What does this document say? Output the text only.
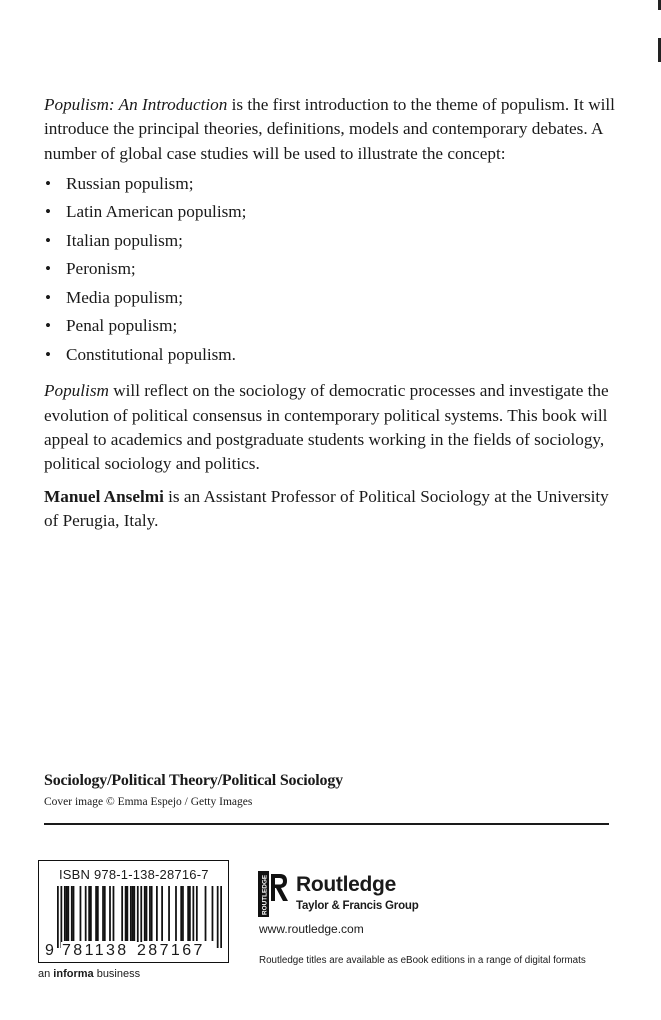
Populism: An Introduction is the first introduction to the theme of populism. It will introduce the principal theories, definitions, models and contemporary debates. A number of global case studies will be used to illustrate the concept:

• Russian populism;
• Latin American populism;
• Italian populism;
• Peronism;
• Media populism;
• Penal populism;
• Constitutional populism.

Populism will reflect on the sociology of democratic processes and investigate the evolution of political consensus in contemporary political systems. This book will appeal to academics and postgraduate students working in the fields of sociology, political sociology and politics.

Manuel Anselmi is an Assistant Professor of Political Sociology at the University of Perugia, Italy.

Sociology/Political Theory/Political Sociology
Cover image © Emma Espejo / Getty Images
ISBN 978-1-138-28716-7
9 781138 287167
an informa business
ROUTLEDGE Routledge
Taylor & Francis Group
www.routledge.com
Routledge titles are available as eBook editions in a range of digital formats
